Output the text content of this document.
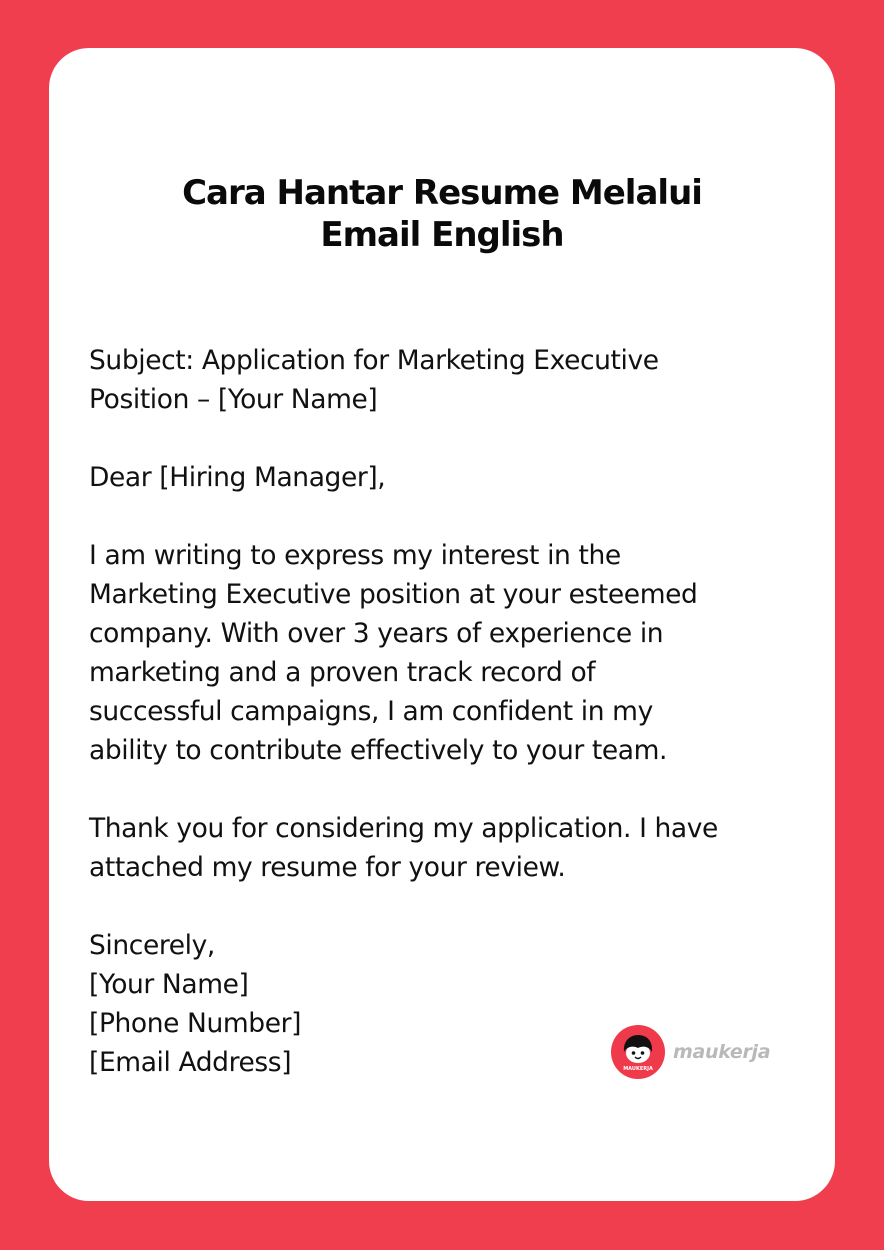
Cara Hantar Resume Melalui
Email English
Subject: Application for Marketing Executive
Position – [Your Name]
Dear [Hiring Manager],
I am writing to express my interest in the
Marketing Executive position at your esteemed
company. With over 3 years of experience in
marketing and a proven track record of
successful campaigns, I am confident in my
ability to contribute effectively to your team.
Thank you for considering my application. I have
attached my resume for your review.
Sincerely,
[Your Name]
[Phone Number]
[Email Address]	MAUKERJA
maukerja
